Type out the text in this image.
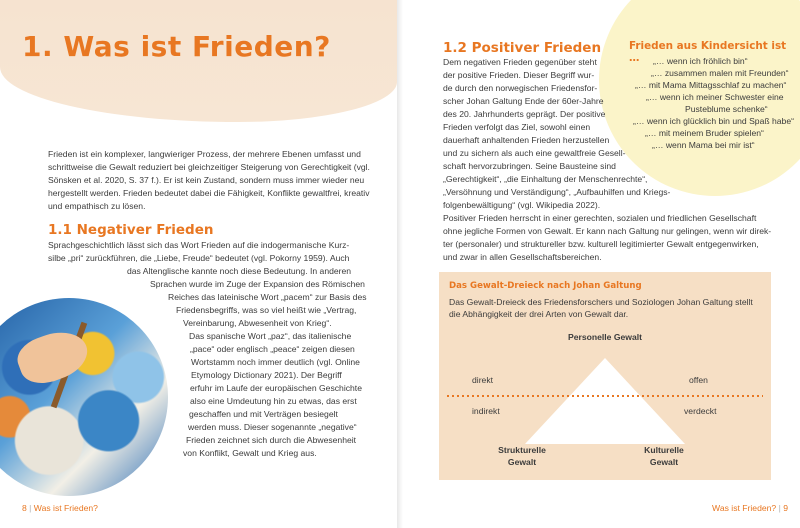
1. Was ist Frieden?
Frieden ist ein komplexer, langwieriger Prozess, der mehrere Ebenen umfasst und schrittweise die Gewalt reduziert bei gleichzeitiger Steigerung von Gerechtigkeit (vgl. Sönsken et al. 2020, S. 37 f.). Er ist kein Zustand, sondern muss immer wieder neu hergestellt werden. Frieden bedeutet dabei die Fähigkeit, Konflikte gewaltfrei, kreativ und empathisch zu lösen.
1.1 Negativer Frieden
Sprachgeschichtlich lässt sich das Wort Frieden auf die indogermanische Kurz-
silbe „pri“ zurückführen, die „Liebe, Freude“ bedeutet (vgl. Pokorny 1959). Auch
das Altenglische kannte noch diese Bedeutung. In anderen
Sprachen wurde im Zuge der Expansion des Römischen
Reiches das lateinische Wort „pacem“ zur Basis des
Friedensbegriffs, was so viel heißt wie „Vertrag,
Vereinbarung, Abwesenheit von Krieg“.
Das spanische Wort „paz“, das italienische
„pace“ oder englisch „peace“ zeigen diesen
Wortstamm noch immer deutlich (vgl. Online
Etymology Dictionary 2021). Der Begriff
erfuhr im Laufe der europäischen Geschichte
also eine Umdeutung hin zu etwas, das erst
geschaffen und mit Verträgen besiegelt
werden muss. Dieser sogenannte „negative“
Frieden zeichnet sich durch die Abwesenheit
von Konflikt, Gewalt und Krieg aus.
8 | Was ist Frieden?
1.2 Positiver Frieden
Dem negativen Frieden gegenüber steht
der positive Frieden. Dieser Begriff wur-
de durch den norwegischen Friedensfor-
scher Johan Galtung Ende der 60er-Jahre
des 20. Jahrhunderts geprägt. Der positive
Frieden verfolgt das Ziel, sowohl einen
dauerhaft anhaltenden Frieden herzustellen
und zu sichern als auch eine gewaltfreie Gesell-
schaft hervorzubringen. Seine Bausteine sind
„Gerechtigkeit“, „die Einhaltung der Menschenrechte“,
„Versöhnung und Verständigung“, „Aufbauhilfen und Kriegs-
folgenbewältigung“ (vgl. Wikipedia 2022).
Positiver Frieden herrscht in einer gerechten, sozialen und friedlichen Gesellschaft
ohne jegliche Formen von Gewalt. Er kann nach Galtung nur gelingen, wenn wir direk-
ter (personaler) und struktureller bzw. kulturell legitimierter Gewalt entgegenwirken,
und zwar in allen Gesellschaftsbereichen.
Frieden aus Kindersicht ist …	„… wenn ich fröhlich bin“
„… zusammen malen mit Freunden“
„… mit Mama Mittagsschlaf zu machen“
„… wenn ich meiner Schwester eine
Pusteblume schenke“
„… wenn ich glücklich bin und Spaß habe“
„… mit meinem Bruder spielen“
„… wenn Mama bei mir ist“
Das Gewalt-Dreieck nach Johan Galtung
Das Gewalt-Dreieck des Friedensforschers und Soziologen Johan Galtung stellt
die Abhängigkeit der drei Arten von Gewalt dar.
Personelle Gewalt
direkt
indirekt
offen
verdeckt
Strukturelle
Gewalt
Kulturelle
Gewalt
Was ist Frieden? | 9
